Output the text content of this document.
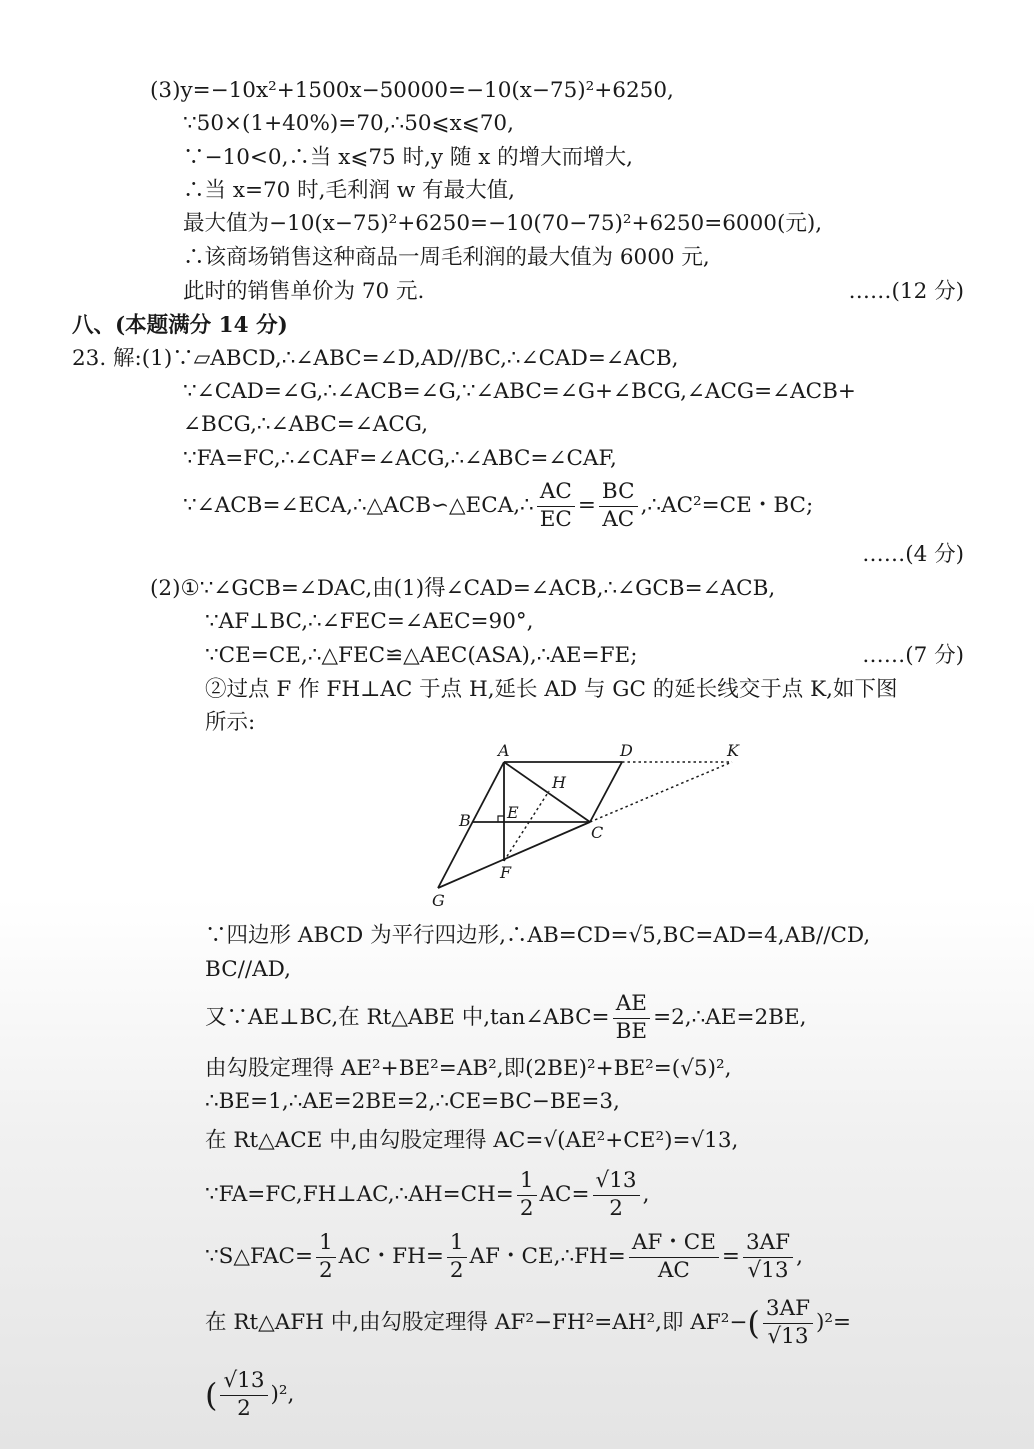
(3)y=−10x²+1500x−50000=−10(x−75)²+6250,
∵50×(1+40%)=70,∴50⩽x⩽70,
∵−10<0,∴当 x⩽75 时,y 随 x 的增大而增大,
∴当 x=70 时,毛利润 w 有最大值,
最大值为−10(x−75)²+6250=−10(70−75)²+6250=6000(元),
∴该商场销售这种商品一周毛利润的最大值为 6000 元,
此时的销售单价为 70 元.	……(12 分)
八、(本题满分 14 分)
23. 解:(1)∵▱ABCD,∴∠ABC=∠D,AD//BC,∴∠CAD=∠ACB,
∵∠CAD=∠G,∴∠ACB=∠G,∵∠ABC=∠G+∠BCG,∠ACG=∠ACB+
∠BCG,∴∠ABC=∠ACG,
∵FA=FC,∴∠CAF=∠ACG,∴∠ABC=∠CAF,
∵∠ACB=∠ECA,∴△ACB∽△ECA,∴ $\frac{AC}{EC} = \frac{BC}{AC}$ ,∴AC²=CE・BC;
……(4 分)
(2)①∵∠GCB=∠DAC,由(1)得∠CAD=∠ACB,∴∠GCB=∠ACB,
∵AF⊥BC,∴∠FEC=∠AEC=90°,
∵CE=CE,∴△FEC≌△AEC(ASA),∴AE=FE;	……(7 分)
②过点 F 作 FH⊥AC 于点 H,延长 AD 与 GC 的延长线交于点 K,如下图
所示:
A	D	K
H
B E
C
F
G
∵四边形 ABCD 为平行四边形,∴AB=CD=√5,BC=AD=4,AB//CD,
BC//AD,
又∵AE⊥BC,在 Rt△ABE 中,tan∠ABC= $\frac{AE}{BE}$ =2,∴AE=2BE,
由勾股定理得 AE²+BE²=AB²,即(2BE)²+BE²=(√5)²,
∴BE=1,∴AE=2BE=2,∴CE=BC−BE=3,
在 Rt△ACE 中,由勾股定理得 AC=√(AE²+CE²)=√13,
∵FA=FC,FH⊥AC,∴AH=CH= $\frac{1}{2} AC= \frac{√13}{2}$ ,
∵S△FAC= $\frac{1}{2}$ AC・$FH= \frac{1}{2}$ AF・CE,∴FH= $\frac{AF・CE}{AC} = \frac{3AF}{√13}$ ,
在 Rt△AFH 中,由勾股定理得 AF²−FH²=AH²,即 $AF^2-( \frac{3AF}{√13} )^2=$
( $\frac{√13}{2} )^2$,
